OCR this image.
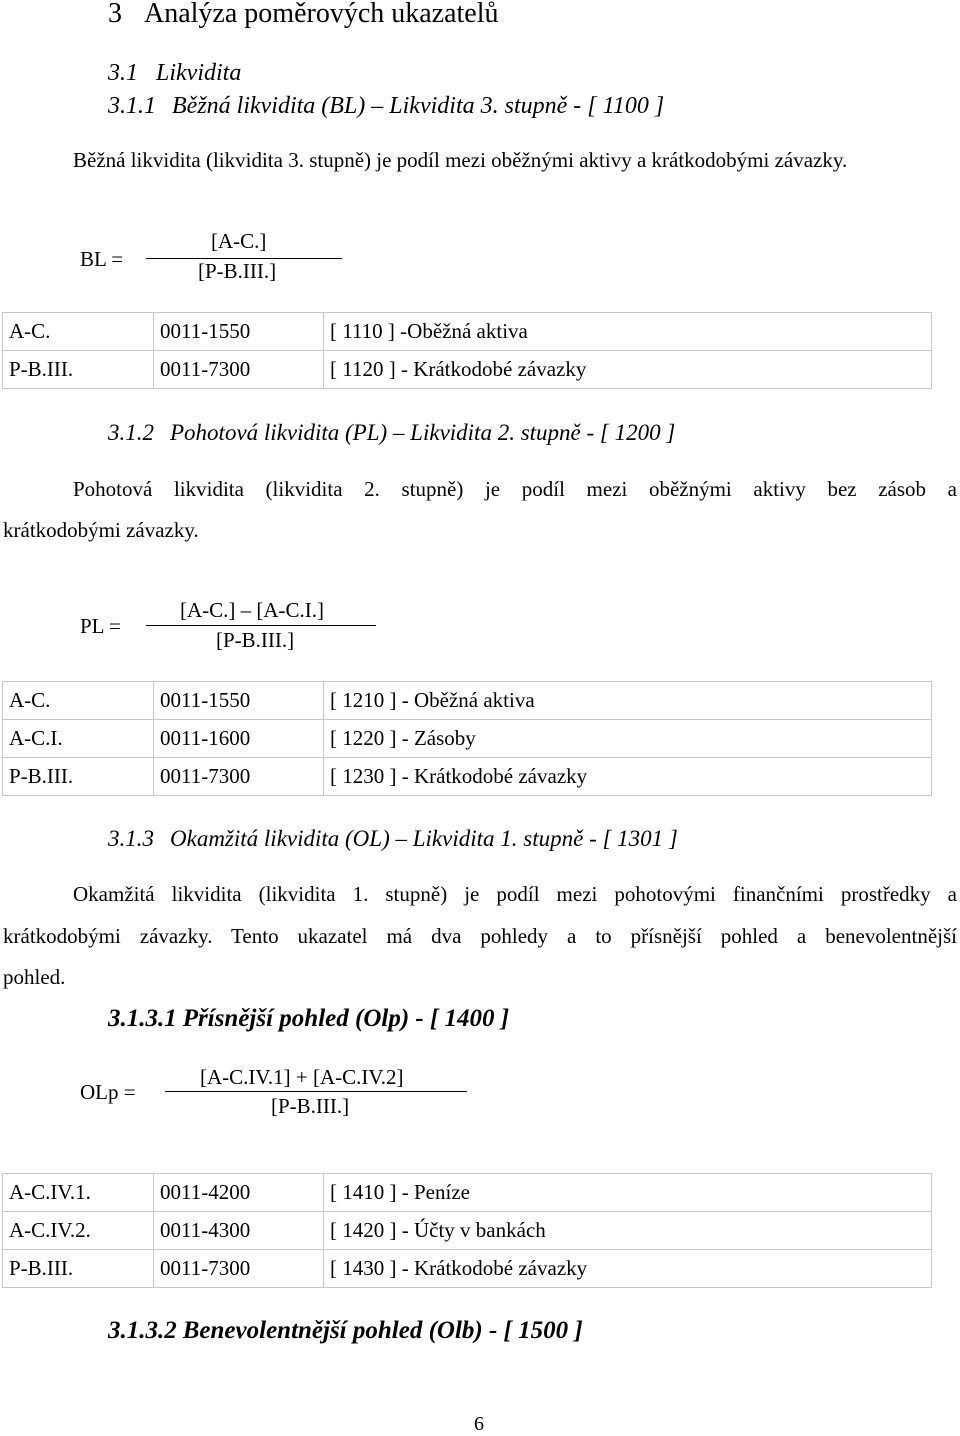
3 Analýza poměrových ukazatelů
3.1 Likvidita
3.1.1 Běžná likvidita (BL) – Likvidita 3. stupně - [ 1100 ]
Běžná likvidita (likvidita 3. stupně) je podíl mezi oběžnými aktivy a krátkodobými závazky.
BL =
[A-C.]
[P-B.III.]
A-C.	0011-1550	[ 1110 ] -Oběžná aktiva
P-B.III.	0011-7300	[ 1120 ] - Krátkodobé závazky
3.1.2 Pohotová likvidita (PL) – Likvidita 2. stupně - [ 1200 ]
Pohotová likvidita (likvidita 2. stupně) je podíl mezi oběžnými aktivy bez zásob a
krátkodobými závazky.
PL =
[A-C.] – [A-C.I.]
[P-B.III.]
A-C.	0011-1550	[ 1210 ] - Oběžná aktiva
A-C.I.	0011-1600	[ 1220 ] - Zásoby
P-B.III.	0011-7300	[ 1230 ] - Krátkodobé závazky
3.1.3 Okamžitá likvidita (OL) – Likvidita 1. stupně - [ 1301 ]
Okamžitá likvidita (likvidita 1. stupně) je podíl mezi pohotovými finančními prostředky a
krátkodobými závazky. Tento ukazatel má dva pohledy a to přísnější pohled a benevolentnější
pohled.
3.1.3.1 Přísnější pohled (Olp) - [ 1400 ]
OLp =
[A-C.IV.1] + [A-C.IV.2]
[P-B.III.]
A-C.IV.1.	0011-4200	[ 1410 ] - Peníze
A-C.IV.2.	0011-4300	[ 1420 ] - Účty v bankách
P-B.III.	0011-7300	[ 1430 ] - Krátkodobé závazky
3.1.3.2 Benevolentnější pohled (Olb) - [ 1500 ]
6
